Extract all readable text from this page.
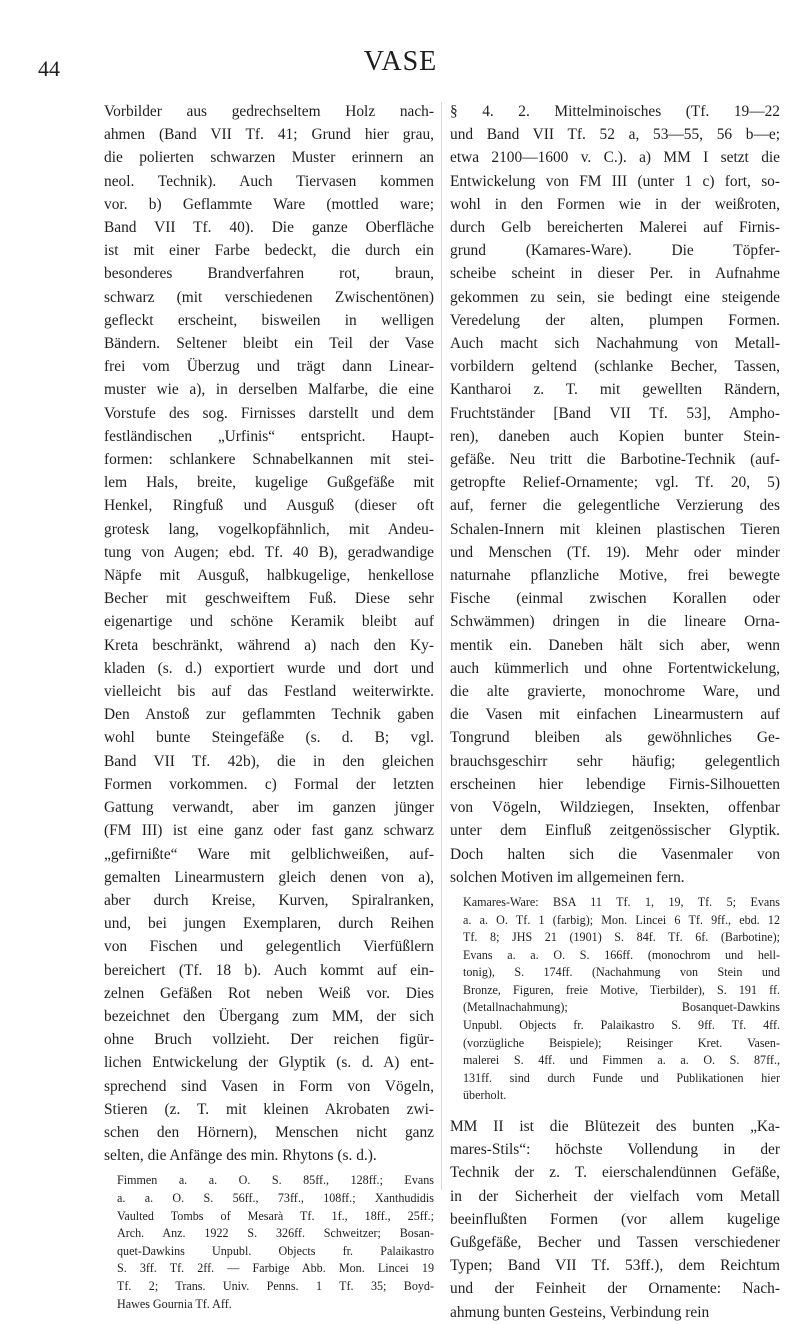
44	VASE
Vorbilder aus gedrechseltem Holz nach-
ahmen (Band VII Tf. 41; Grund hier grau,
die polierten schwarzen Muster erinnern an
neol. Technik). Auch Tiervasen kommen
vor. b) Geflammte Ware (mottled ware;
Band VII Tf. 40). Die ganze Oberfläche
ist mit einer Farbe bedeckt, die durch ein
besonderes Brandverfahren rot, braun,
schwarz (mit verschiedenen Zwischentönen)
gefleckt erscheint, bisweilen in welligen
Bändern. Seltener bleibt ein Teil der Vase
frei vom Überzug und trägt dann Linear-
muster wie a), in derselben Malfarbe, die eine
Vorstufe des sog. Firnisses darstellt und dem
festländischen „Urfinis“ entspricht. Haupt-
formen: schlankere Schnabelkannen mit stei-
lem Hals, breite, kugelige Gußgefäße mit
Henkel, Ringfuß und Ausguß (dieser oft
grotesk lang, vogelkopfähnlich, mit Andeu-
tung von Augen; ebd. Tf. 40 B), geradwandige
Näpfe mit Ausguß, halbkugelige, henkellose
Becher mit geschweiftem Fuß. Diese sehr
eigenartige und schöne Keramik bleibt auf
Kreta beschränkt, während a) nach den Ky-
kladen (s. d.) exportiert wurde und dort und
vielleicht bis auf das Festland weiterwirkte.
Den Anstoß zur geflammten Technik gaben
wohl bunte Steingefäße (s. d. B; vgl.
Band VII Tf. 42b), die in den gleichen
Formen vorkommen. c) Formal der letzten
Gattung verwandt, aber im ganzen jünger
(FM III) ist eine ganz oder fast ganz schwarz
„gefirnißte“ Ware mit gelblichweißen, auf-
gemalten Linearmustern gleich denen von a),
aber durch Kreise, Kurven, Spiralranken,
und, bei jungen Exemplaren, durch Reihen
von Fischen und gelegentlich Vierfüßlern
bereichert (Tf. 18 b). Auch kommt auf ein-
zelnen Gefäßen Rot neben Weiß vor. Dies
bezeichnet den Übergang zum MM, der sich
ohne Bruch vollzieht. Der reichen figür-
lichen Entwickelung der Glyptik (s. d. A) ent-
sprechend sind Vasen in Form von Vögeln,
Stieren (z. T. mit kleinen Akrobaten zwi-
schen den Hörnern), Menschen nicht ganz
selten, die Anfänge des min. Rhytons (s. d.).
Fimmen a. a. O. S. 85ff., 128ff.; Evans
a. a. O. S. 56ff., 73ff., 108ff.; Xanthudidis
Vaulted Tombs of Mesarà Tf. 1f., 18ff., 25ff.;
Arch. Anz. 1922 S. 326ff. Schweitzer; Bosan-
quet-Dawkins Unpubl. Objects fr. Palaikastro
S. 3ff. Tf. 2ff. — Farbige Abb. Mon. Lincei 19
Tf. 2; Trans. Univ. Penns. 1 Tf. 35; Boyd-
Hawes Gournia Tf. Aff.
§ 4. 2. Mittelminoisches (Tf. 19—22
und Band VII Tf. 52 a, 53—55, 56 b—e;
etwa 2100—1600 v. C.). a) MM I setzt die
Entwickelung von FM III (unter 1 c) fort, so-
wohl in den Formen wie in der weißroten,
durch Gelb bereicherten Malerei auf Firnis-
grund (Kamares-Ware). Die Töpfer-
scheibe scheint in dieser Per. in Aufnahme
gekommen zu sein, sie bedingt eine steigende
Veredelung der alten, plumpen Formen.
Auch macht sich Nachahmung von Metall-
vorbildern geltend (schlanke Becher, Tassen,
Kantharoi z. T. mit gewellten Rändern,
Fruchtständer [Band VII Tf. 53], Ampho-
ren), daneben auch Kopien bunter Stein-
gefäße. Neu tritt die Barbotine-Technik (auf-
getropfte Relief-Ornamente; vgl. Tf. 20, 5)
auf, ferner die gelegentliche Verzierung des
Schalen-Innern mit kleinen plastischen Tieren
und Menschen (Tf. 19). Mehr oder minder
naturnahe pflanzliche Motive, frei bewegte
Fische (einmal zwischen Korallen oder
Schwämmen) dringen in die lineare Orna-
mentik ein. Daneben hält sich aber, wenn
auch kümmerlich und ohne Fortentwickelung,
die alte gravierte, monochrome Ware, und
die Vasen mit einfachen Linearmustern auf
Tongrund bleiben als gewöhnliches Ge-
brauchsgeschirr sehr häufig; gelegentlich
erscheinen hier lebendige Firnis-Silhouetten
von Vögeln, Wildziegen, Insekten, offenbar
unter dem Einfluß zeitgenössischer Glyptik.
Doch halten sich die Vasenmaler von
solchen Motiven im allgemeinen fern.
Kamares-Ware: BSA 11 Tf. 1, 19, Tf. 5; Evans
a. a. O. Tf. 1 (farbig); Mon. Lincei 6 Tf. 9ff., ebd. 12
Tf. 8; JHS 21 (1901) S. 84f. Tf. 6f. (Barbotine);
Evans a. a. O. S. 166ff. (monochrom und hell-
tonig), S. 174ff. (Nachahmung von Stein und
Bronze, Figuren, freie Motive, Tierbilder), S. 191 ff.
(Metallnachahmung); Bosanquet-Dawkins
Unpubl. Objects fr. Palaikastro S. 9ff. Tf. 4ff.
(vorzügliche Beispiele); Reisinger Kret. Vasen-
malerei S. 4ff. und Fimmen a. a. O. S. 87ff.,
131ff. sind durch Funde und Publikationen hier
überholt.
MM II ist die Blütezeit des bunten „Ka-
mares-Stils“: höchste Vollendung in der
Technik der z. T. eierschalendünnen Gefäße,
in der Sicherheit der vielfach vom Metall
beeinflußten Formen (vor allem kugelige
Gußgefäße, Becher und Tassen verschiedener
Typen; Band VII Tf. 53ff.), dem Reichtum
und der Feinheit der Ornamente: Nach-
ahmung bunten Gesteins, Verbindung rein
